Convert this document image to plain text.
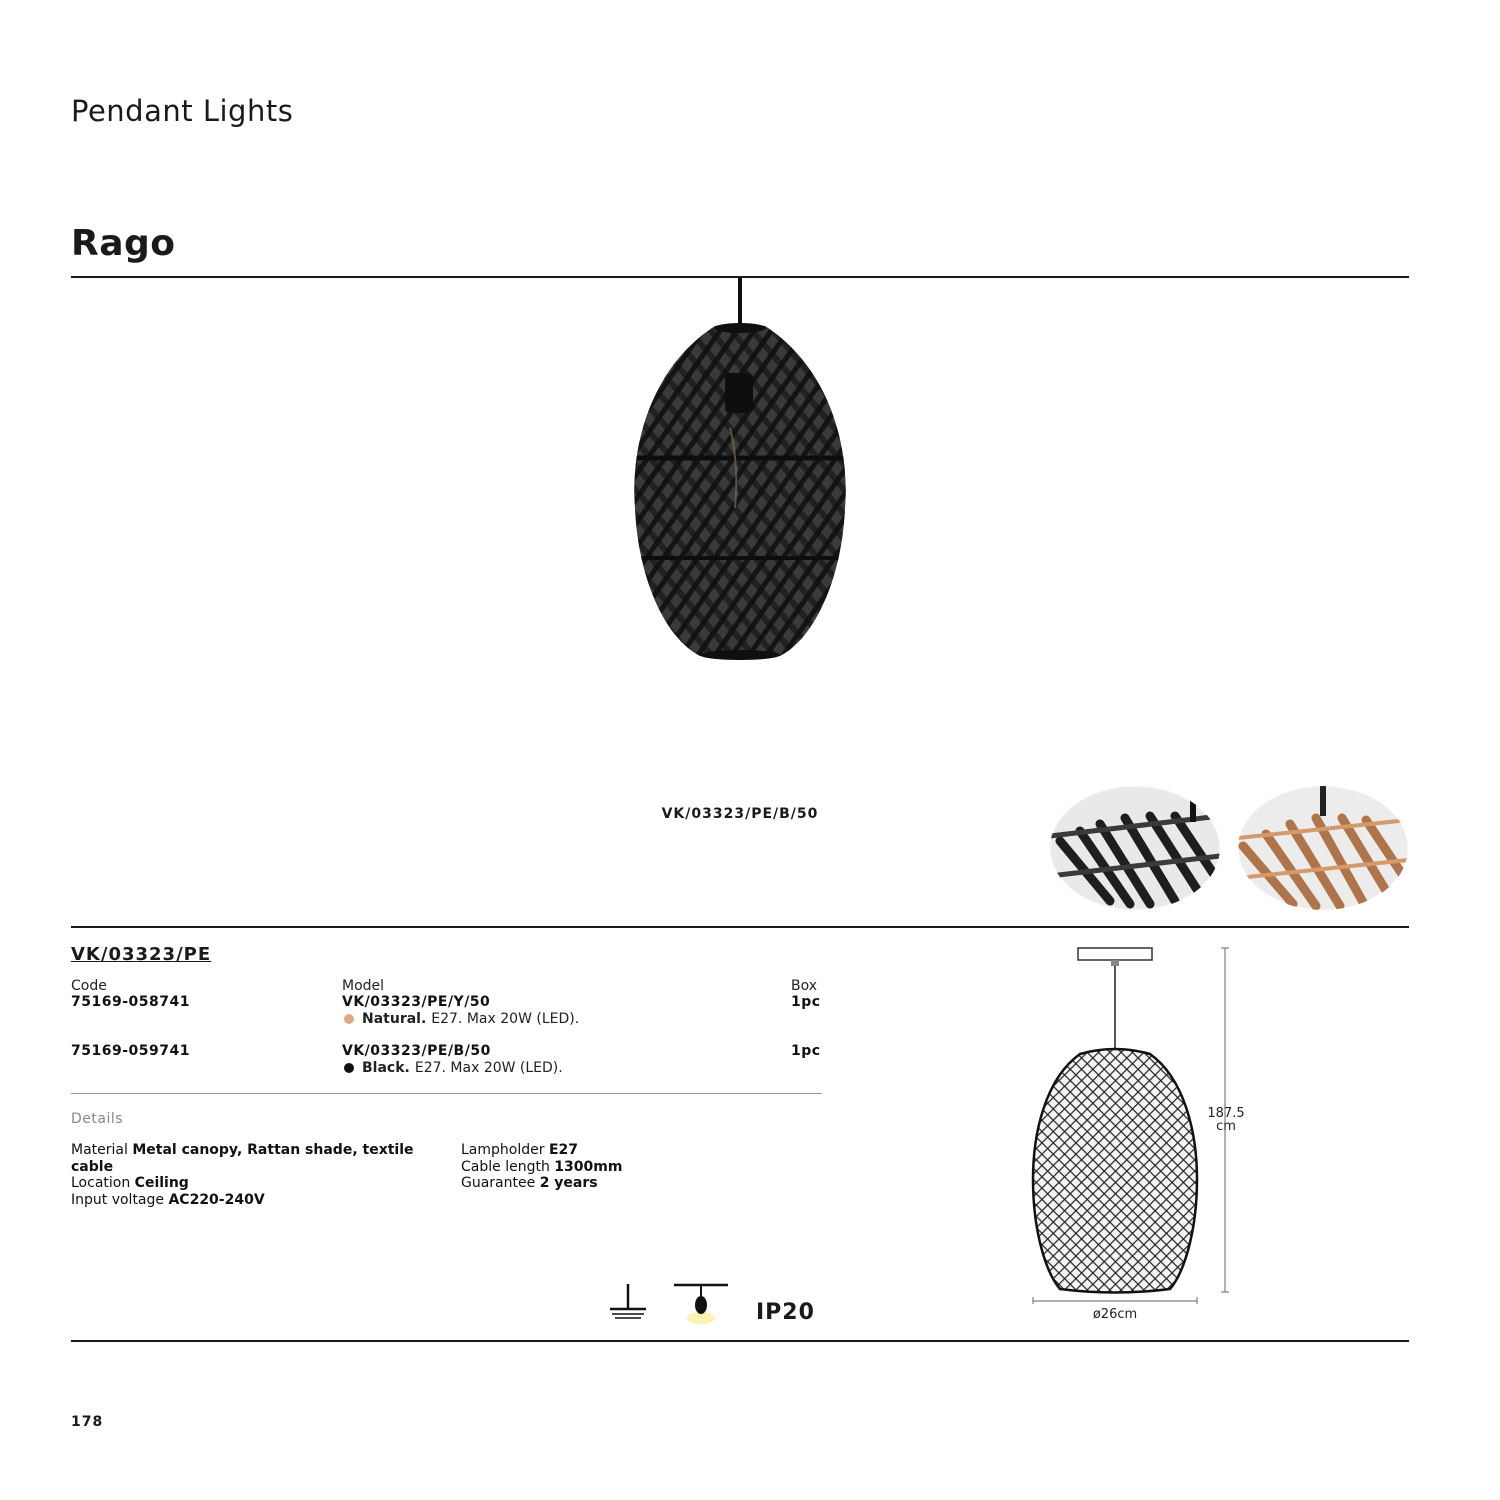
Pendant Lights
Rago
VK/03323/PE/B/50
VK/03323/PE
Code	Model	Box
75169-058741	VK/03323/PE/Y/50	1pc
Natural. E27. Max 20W (LED).
75169-059741	VK/03323/PE/B/50	1pc
Black. E27. Max 20W (LED).
Details
Material Metal canopy, Rattan shade, textile cable
Location Ceiling
Input voltage AC220-240V
Lampholder E27
Cable length 1300mm
Guarantee 2 years
IP20
187.5
cm
ø26cm
178
